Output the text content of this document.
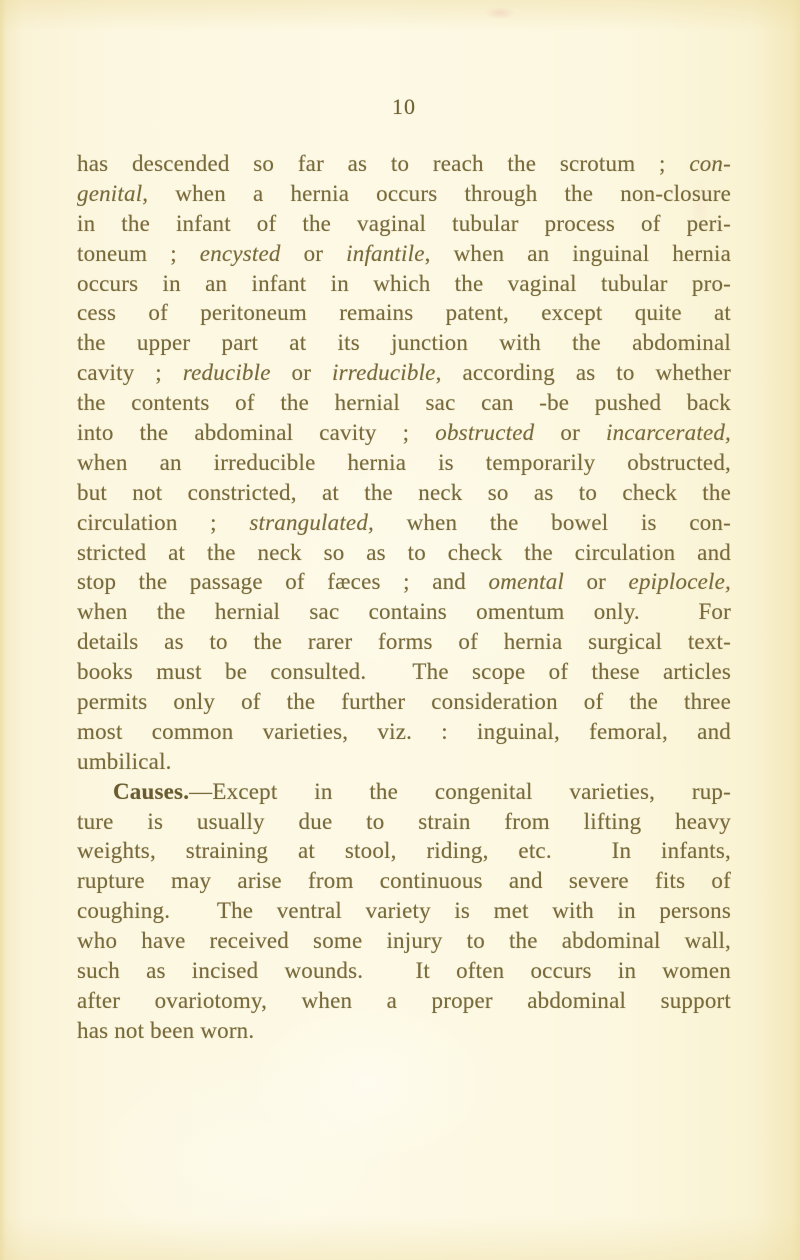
10
has descended so far as to reach the scrotum ; con-
genital, when a hernia occurs through the non-closure
in the infant of the vaginal tubular process of peri-
toneum ; encysted or infantile, when an inguinal hernia
occurs in an infant in which the vaginal tubular pro-
cess of peritoneum remains patent, except quite at
the upper part at its junction with the abdominal
cavity ; reducible or irreducible, according as to whether
the contents of the hernial sac can -be pushed back
into the abdominal cavity ; obstructed or incarcerated,
when an irreducible hernia is temporarily obstructed,
but not constricted, at the neck so as to check the
circulation ; strangulated, when the bowel is con-
stricted at the neck so as to check the circulation and
stop the passage of fæces ; and omental or epiplocele,
when the hernial sac contains omentum only.  For
details as to the rarer forms of hernia surgical text-
books must be consulted.  The scope of these articles
permits only of the further consideration of the three
most common varieties, viz. : inguinal, femoral, and
umbilical.
Causes.—Except in the congenital varieties, rup-
ture is usually due to strain from lifting heavy
weights, straining at stool, riding, etc.  In infants,
rupture may arise from continuous and severe fits of
coughing.  The ventral variety is met with in persons
who have received some injury to the abdominal wall,
such as incised wounds.  It often occurs in women
after ovariotomy, when a proper abdominal support
has not been worn.
